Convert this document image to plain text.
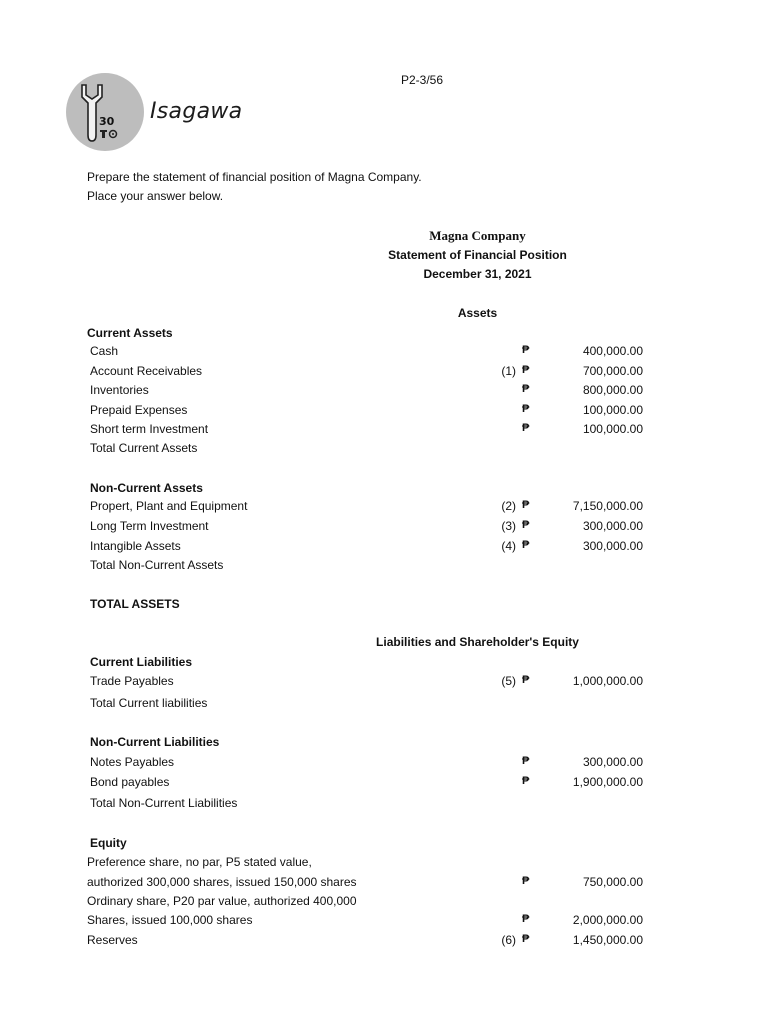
30 Isagawa
P2-3/56
Prepare the statement of financial position of Magna Company.
Place your answer below.
Magna Company
Statement of Financial Position
December 31, 2021
Assets
Current Assets
Cash	₱	400,000.00
Account Receivables	(1) ₱	700,000.00
Inventories	₱	800,000.00
Prepaid Expenses	₱	100,000.00
Short term Investment	₱	100,000.00
Total Current Assets
Non-Current Assets
Propert, Plant and Equipment	(2) ₱	7,150,000.00
Long Term Investment	(3) ₱	300,000.00
Intangible Assets	(4) ₱	300,000.00
Total Non-Current Assets
TOTAL ASSETS
Liabilities and Shareholder's Equity
Current Liabilities
Trade Payables	(5) ₱	1,000,000.00
Total Current liabilities
Non-Current Liabilities
Notes Payables	₱	300,000.00
Bond payables	₱	1,900,000.00
Total Non-Current Liabilities
Equity
Preference share, no par, P5 stated value,
authorized 300,000 shares, issued 150,000 shares	₱	750,000.00
Ordinary share, P20 par value, authorized 400,000
Shares, issued 100,000 shares	₱	2,000,000.00
Reserves	(6) ₱	1,450,000.00
